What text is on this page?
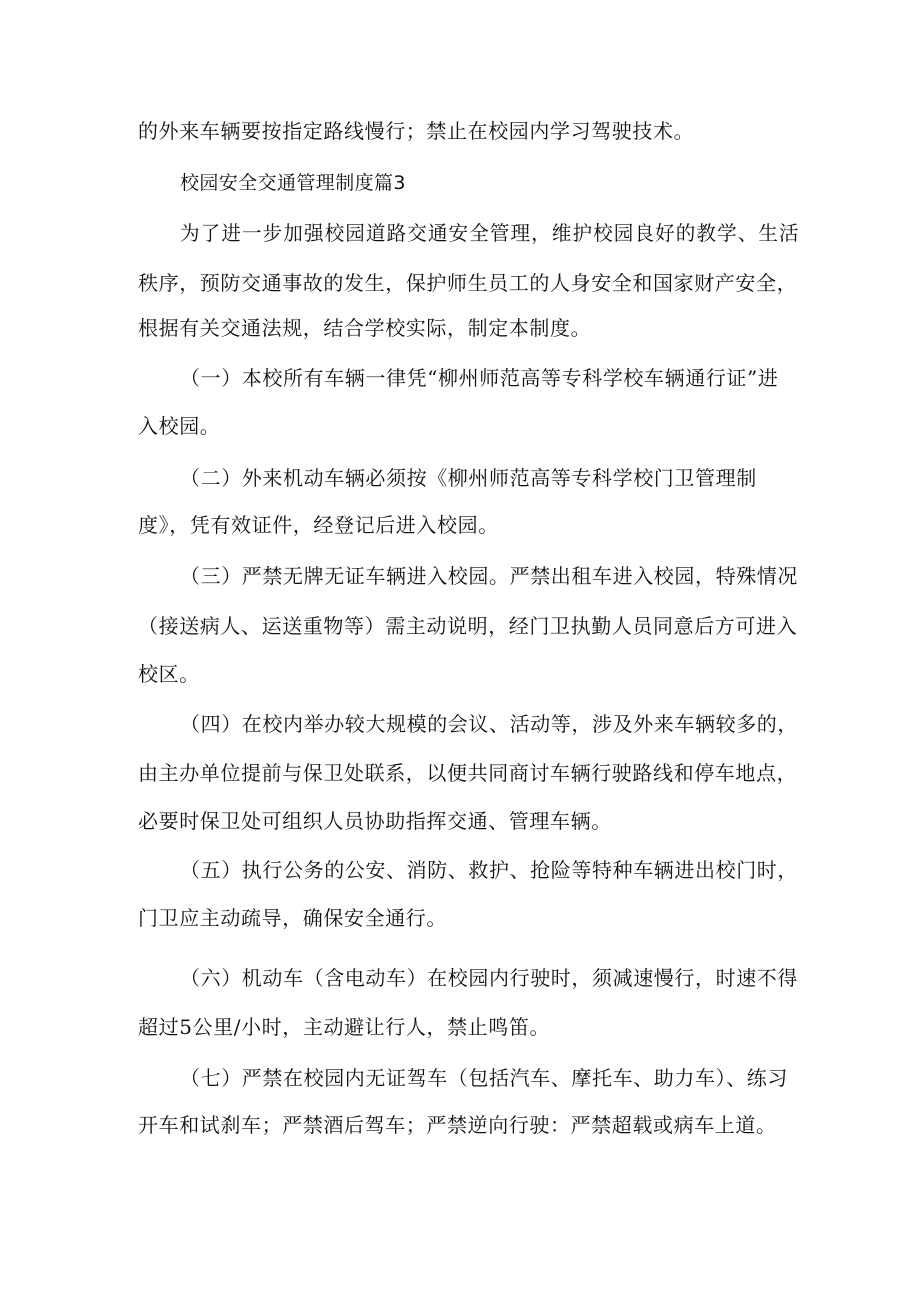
的外来车辆要按指定路线慢行；禁止在校园内学习驾驶技术。
校园安全交通管理制度篇3
为了进一步加强校园道路交通安全管理，维护校园良好的教学、生活
秩序，预防交通事故的发生，保护师生员工的人身安全和国家财产安全，
根据有关交通法规，结合学校实际，制定本制度。
（一）本校所有车辆一律凭“柳州师范高等专科学校车辆通行证”进
入校园。
（二）外来机动车辆必须按《柳州师范高等专科学校门卫管理制
度》，凭有效证件，经登记后进入校园。
（三）严禁无牌无证车辆进入校园。严禁出租车进入校园，特殊情况
（接送病人、运送重物等）需主动说明，经门卫执勤人员同意后方可进入
校区。
（四）在校内举办较大规模的会议、活动等，涉及外来车辆较多的，
由主办单位提前与保卫处联系，以便共同商讨车辆行驶路线和停车地点，
必要时保卫处可组织人员协助指挥交通、管理车辆。
（五）执行公务的公安、消防、救护、抢险等特种车辆进出校门时，
门卫应主动疏导，确保安全通行。
（六）机动车（含电动车）在校园内行驶时，须减速慢行，时速不得
超过5公里/小时，主动避让行人，禁止鸣笛。
（七）严禁在校园内无证驾车（包括汽车、摩托车、助力车）、练习
开车和试刹车；严禁酒后驾车；严禁逆向行驶：严禁超载或病车上道。
